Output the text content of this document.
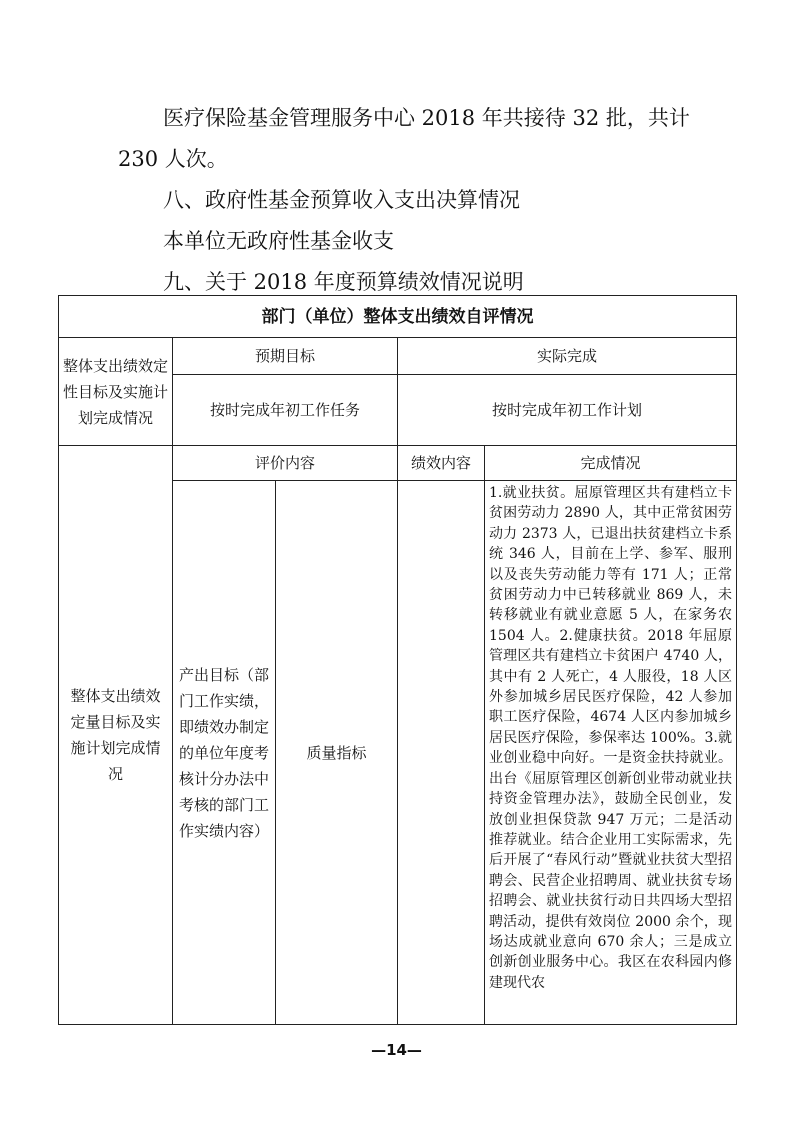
医疗保险基金管理服务中心 2018 年共接待 32 批，共计
230 人次。
八、政府性基金预算收入支出决算情况
本单位无政府性基金收支
九、关于 2018 年度预算绩效情况说明
部门（单位）整体支出绩效自评情况				

整体支出绩效定性目标及实施计划完成情况	预期目标		实际完成	
	按时完成年初工作任务		按时完成年初工作计划	

整体支出绩效定量目标及实施计划完成情况	评价内容		绩效内容	完成情况

	产出目标（部门工作实绩，即绩效办制定的单位年度考核计分办法中考核的部门工作实绩内容）	质量指标		1.就业扶贫。屈原管理区共有建档立卡贫困劳动力 2890 人，其中正常贫困劳动力 2373 人，已退出扶贫建档立卡系统 346 人，目前在上学、参军、服刑以及丧失劳动能力等有 171 人；正常贫困劳动力中已转移就业 869 人，未转移就业有就业意愿 5 人，在家务农 1504 人。2.健康扶贫。2018 年屈原管理区共有建档立卡贫困户 4740 人，其中有 2 人死亡，4 人服役，18 人区外参加城乡居民医疗保险，42 人参加职工医疗保险，4674 人区内参加城乡居民医疗保险，参保率达 100%。3.就业创业稳中向好。一是资金扶持就业。出台《屈原管理区创新创业带动就业扶持资金管理办法》，鼓励全民创业，发放创业担保贷款 947 万元；二是活动推荐就业。结合企业用工实际需求，先后开展了“春风行动”暨就业扶贫大型招聘会、民营企业招聘周、就业扶贫专场招聘会、就业扶贫行动日共四场大型招聘活动，提供有效岗位 2000 余个，现场达成就业意向 670 余人；三是成立创新创业服务中心。我区在农科园内修建现代农
—14—
